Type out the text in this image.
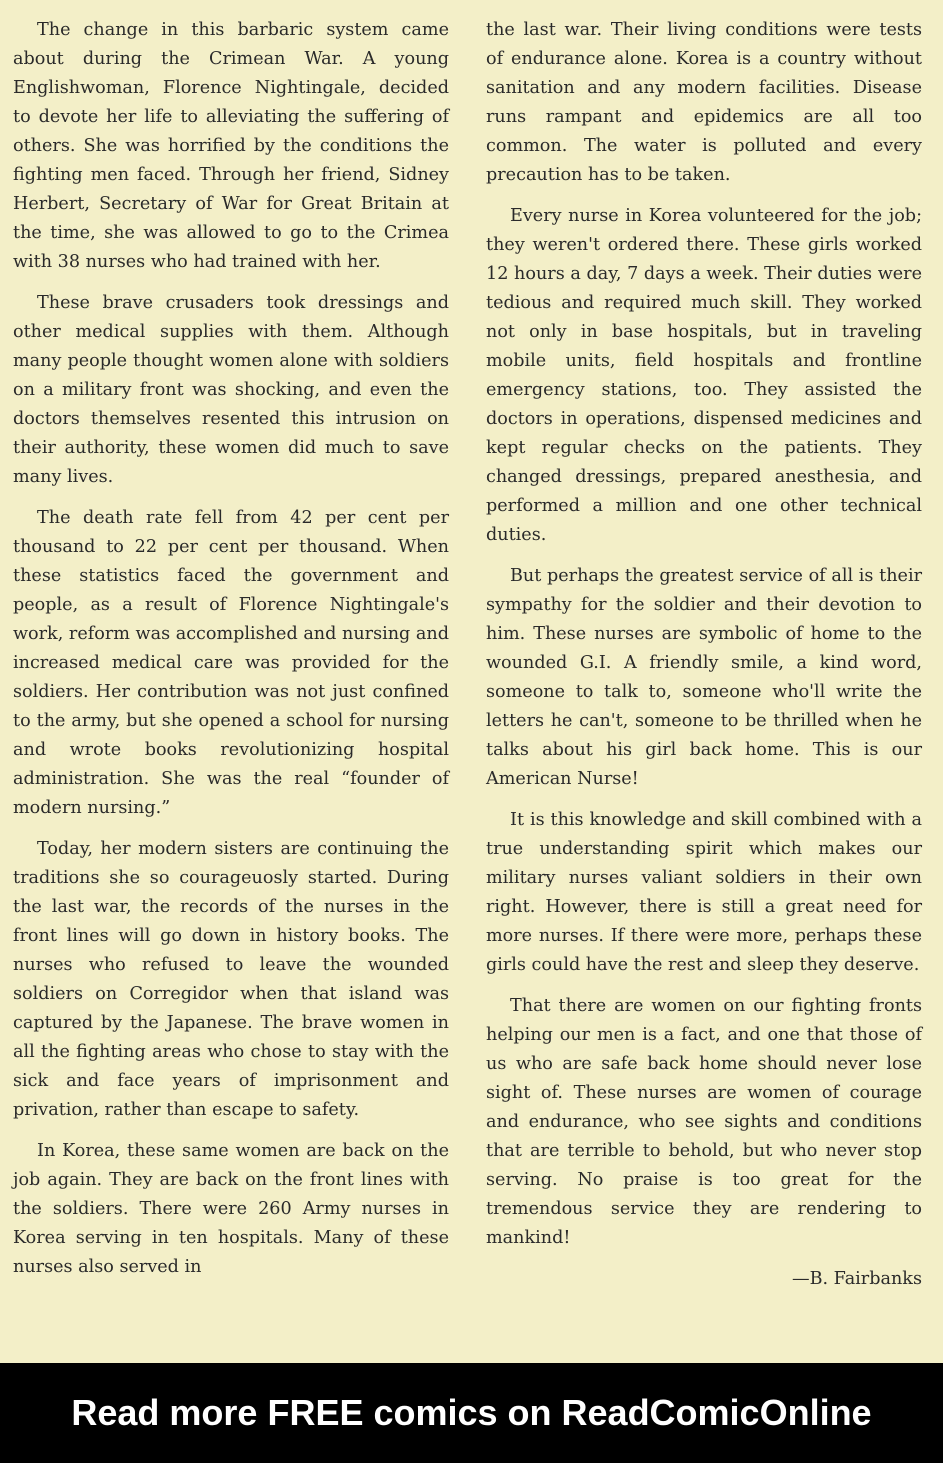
The change in this barbaric system came about during the Crimean War. A young Englishwoman, Florence Nightingale, decided to devote her life to alleviating the suffering of others. She was horrified by the conditions the fighting men faced. Through her friend, Sidney Herbert, Secretary of War for Great Britain at the time, she was allowed to go to the Crimea with 38 nurses who had trained with her.

These brave crusaders took dressings and other medical supplies with them. Although many people thought women alone with soldiers on a military front was shocking, and even the doctors themselves resented this intrusion on their authority, these women did much to save many lives.

The death rate fell from 42 per cent per thousand to 22 per cent per thousand. When these statistics faced the government and people, as a result of Florence Nightingale's work, reform was accomplished and nursing and increased medical care was provided for the soldiers. Her contribution was not just confined to the army, but she opened a school for nursing and wrote books revolutionizing hospital administration. She was the real “founder of modern nursing.”

Today, her modern sisters are continuing the traditions she so courageuosly started. During the last war, the records of the nurses in the front lines will go down in history books. The nurses who refused to leave the wounded soldiers on Corregidor when that island was captured by the Japanese. The brave women in all the fighting areas who chose to stay with the sick and face years of imprisonment and privation, rather than escape to safety.

In Korea, these same women are back on the job again. They are back on the front lines with the soldiers. There were 260 Army nurses in Korea serving in ten hospitals. Many of these nurses also served in

the last war. Their living conditions were tests of endurance alone. Korea is a country without sanitation and any modern facilities. Disease runs rampant and epidemics are all too common. The water is polluted and every precaution has to be taken.

Every nurse in Korea volunteered for the job; they weren't ordered there. These girls worked 12 hours a day, 7 days a week. Their duties were tedious and required much skill. They worked not only in base hospitals, but in traveling mobile units, field hospitals and frontline emergency stations, too. They assisted the doctors in operations, dispensed medicines and kept regular checks on the patients. They changed dressings, prepared anesthesia, and performed a million and one other technical duties.

But perhaps the greatest service of all is their sympathy for the soldier and their devotion to him. These nurses are symbolic of home to the wounded G.I. A friendly smile, a kind word, someone to talk to, someone who'll write the letters he can't, someone to be thrilled when he talks about his girl back home. This is our American Nurse!

It is this knowledge and skill combined with a true understanding spirit which makes our military nurses valiant soldiers in their own right. However, there is still a great need for more nurses. If there were more, perhaps these girls could have the rest and sleep they deserve.

That there are women on our fighting fronts helping our men is a fact, and one that those of us who are safe back home should never lose sight of. These nurses are women of courage and endurance, who see sights and conditions that are terrible to behold, but who never stop serving. No praise is too great for the tremendous service they are rendering to mankind!

—B. Fairbanks
Read more FREE comics on ReadComicOnline
